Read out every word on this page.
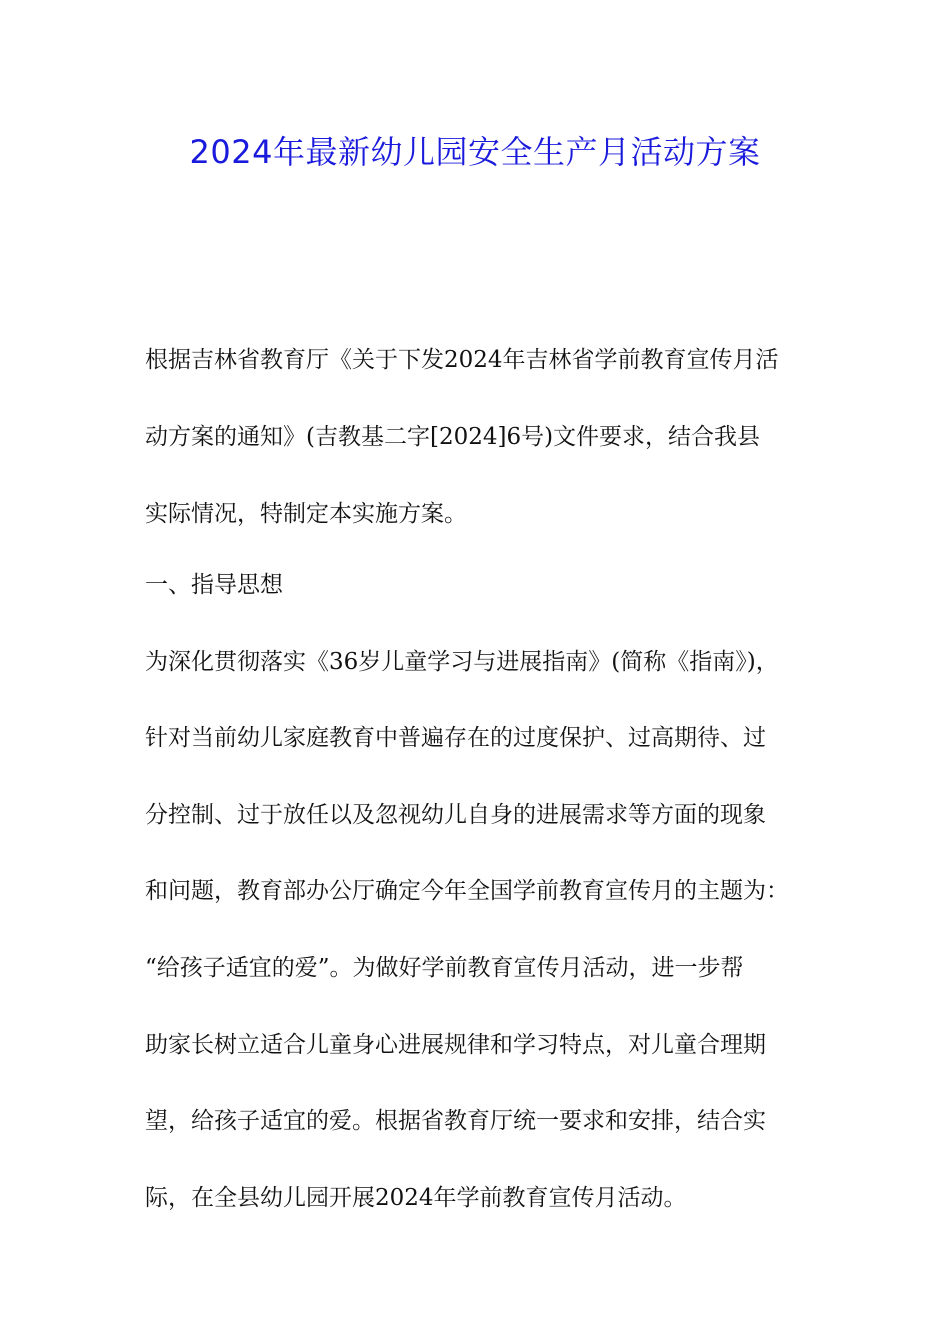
2024年最新幼儿园安全生产月活动方案
根据吉林省教育厅《关于下发2024年吉林省学前教育宣传月活
动方案的通知》(吉教基二字[2024]6号)文件要求，结合我县
实际情况，特制定本实施方案。
一、指导思想
为深化贯彻落实《36岁儿童学习与进展指南》(简称《指南》)，
针对当前幼儿家庭教育中普遍存在的过度保护、过高期待、过
分控制、过于放任以及忽视幼儿自身的进展需求等方面的现象
和问题，教育部办公厅确定今年全国学前教育宣传月的主题为：
“给孩子适宜的爱”。为做好学前教育宣传月活动，进一步帮
助家长树立适合儿童身心进展规律和学习特点，对儿童合理期
望，给孩子适宜的爱。根据省教育厅统一要求和安排，结合实
际，在全县幼儿园开展2024年学前教育宣传月活动。
